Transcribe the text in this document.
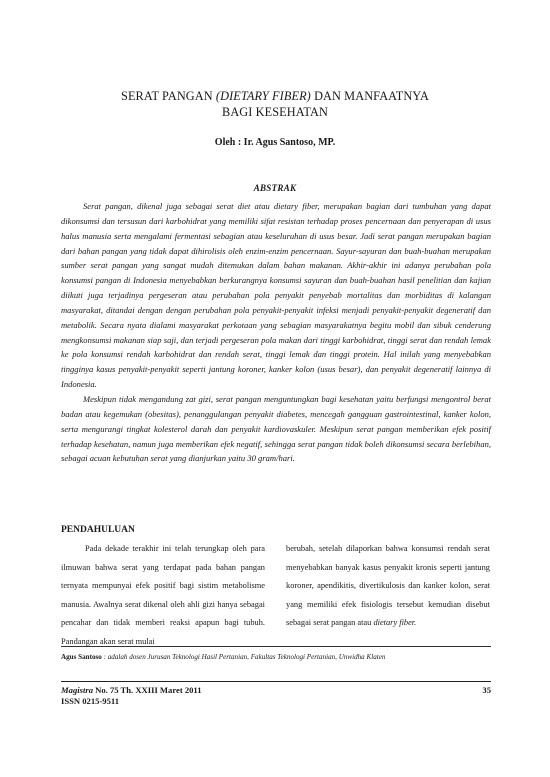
SERAT PANGAN (DIETARY FIBER) DAN MANFAATNYA
BAGI KESEHATAN
Oleh : Ir. Agus Santoso, MP.
ABSTRAK

Serat pangan, dikenal juga sebagai serat diet atau dietary fiber, merupakan bagian dari tumbuhan yang dapat dikonsumsi dan tersusun dari karbohidrat yang memiliki sifat resistan terhadap proses pencernaan dan penyerapan di usus halus manusia serta mengalami fermentasi sebagian atau keseluruhan di usus besar. Jadi serat pangan merupakan bagian dari bahan pangan yang tidak dapat dihirolisis oleh enzim-enzim pencernaan. Sayur-sayuran dan buah-buahan merupakan sumber serat pangan yang sangat mudah ditemukan dalam bahan makanan. Akhir-akhir ini adanya perubahan pola konsumsi pangan di Indonesia menyebabkan berkurangnya konsumsi sayuran dan buah-buahan hasil penelitian dan kajian diikuti juga terjadinya pergeseran atau perubahan pola penyakit penyebab mortalitas dan morbiditas di kalangan masyarakat, ditandai dengan dengan perubahan pola penyakit-penyakit infeksi menjadi penyakit-penyakit degeneratif dan metabolik. Secara nyata dialami masyarakat perkotaan yang sebagian masyarakatnya begitu mobil dan sibuk cenderung mengkonsumsi makanan siap saji, dan terjadi pergeseran pola makan dari tinggi karbohidrat, tinggi serat dan rendah lemak ke pola konsumsi rendah karbohidrat dan rendah serat, tinggi lemak dan tinggi protein. Hal inilah yang menyebabkan tingginya kasus penyakit-penyakit seperti jantung koroner, kanker kolon (usus besar), dan penyakit degeneratif lainnya di Indonesia.

Meskipun tidak mengandung zat gizi, serat pangan menguntungkan bagi kesehatan yaitu berfungsi mengontrol berat badan atau kegemukan (obesitas), penanggulangan penyakit diabetes, mencegah gangguan gastrointestinal, kanker kolon, serta mengurangi tingkat kolesterol darah dan penyakit kardiovaskuler. Meskipun serat pangan memberikan efek positif terhadap kesehatan, namun juga memberikan efek negatif, sehingga serat pangan tidak boleh dikonsumsi secara berlebihan, sebagai acuan kebutuhan serat yang dianjurkan yaitu 30 gram/hari.

PENDAHULUAN

Pada dekade terakhir ini telah terungkap oleh para ilmuwan bahwa serat yang terdapat pada bahan pangan ternyata mempunyai efek positif bagi sistim metabolisme manusia. Awalnya serat dikenal oleh ahli gizi hanya sebagai pencahar dan tidak memberi reaksi apapun bagi tubuh. Pandangan akan serat mulai

berubah, setelah dilaporkan bahwa konsumsi rendah serat menyebabkan banyak kasus penyakit kronis seperti jantung koroner, apendikitis, divertikulosis dan kanker kolon, serat yang memiliki efek fisiologis tersebut kemudian disebut sebagai serat pangan atau dietary fiber.

Agus Santoso : adalah dosen Jurusan Teknologi Hasil Pertanian, Fakultas Teknologi Pertanian, Unwidha Klaten
Magistra No. 75 Th. XXIII Maret 2011	35
ISSN 0215-9511
